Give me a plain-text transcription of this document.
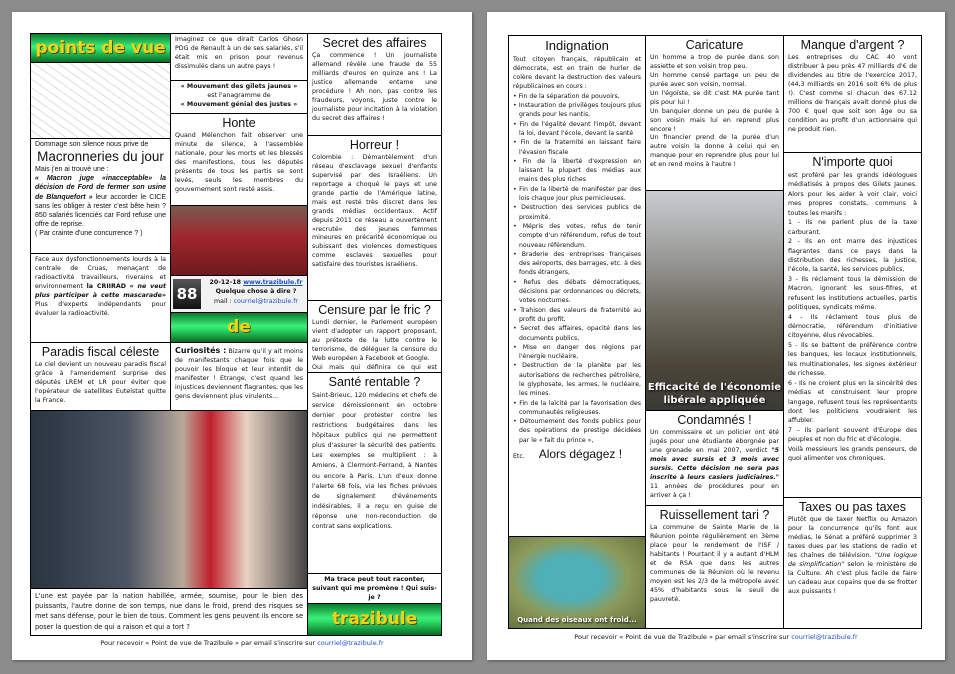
points de vue

Dommage son silence nous prive de

Macronneries du jour

Mais j'en ai trouvé une :

« Macron juge «inacceptable» la décision de Ford de fermer son usine de Blanquefort » leur accorder le CICE sans les obliger à rester c'est bête hein ? 850 salariés licenciés car Ford refuse une offre de reprise.

( Par crainte d'une concurrence ? )

Face aux dysfonctionnements lourds à la centrale de Cruas, menaçant de radioactivité travailleurs, riverains et environnement la CRIIRAD « ne veut plus participer à cette mascarade» Plus d'experts indépendants pour évaluer la radioactivité.

Paradis fiscal céleste

Le ciel devient un nouveau paradis fiscal grâce à l'amendement surprise des députés LREM et LR pour éviter que l'opérateur de satellites Eutelstat quitte la France.

L'une est payée par la nation habillée, armée, soumise, pour le bien des puissants, l'autre donne de son temps, nue dans le froid, prend des risques se met sans défense, pour le bien de tous. Comment les gens peuvent ils encore se poser la question de qui a raison et qui a tort ?

Imaginez ce que dirait Carlos Ghosn PDG de Renault à un de ses salariés, s'il était mis en prison pour revenus dissimulés dans un autre pays !

« Mouvement des gilets jaunes »

est l'anagramme de

« Mouvement génial des justes »

Honte

Quand Mélenchon fait observer une minute de silence, à l'assemblée nationale, pour les morts et les blessés des manifestions, tous les députés présents de tous les partis se sont levés, seuls les membres du gouvernement sont resté assis.

88

20-12-18 www.trazibule.fr

Quelque chose à dire ?

mail : courriel@trazibule.fr

de

Curiosités : Bizarre qu'il y ait moins de manifestants chaque fois que le pouvoir les bloque et leur interdit de manifester ! Etrange, c'est quand les injustices deviennent flagrantes, que les gens deviennent plus virulents...

Secret des affaires

Ça commence ! Un journaliste allemand révèle une fraude de 55 milliards d'euros en quinze ans ! La justice allemande entame une procédure ! Ah non, pas contre les fraudeurs, voyons, juste contre le journaliste pour incitation à la violation du secret des affaires !

Horreur !

Colombie : Démantèlement d'un réseau d'esclavage sexuel d'enfants supervisé par des Israéliens. Un reportage a choqué le pays et une grande partie de l'Amérique latine, mais est resté très discret dans les grands médias occidentaux. Actif depuis 2011 ce réseau a ouvertement «recruté» des jeunes femmes mineures en précarité économique ou subissant des violences domestiques comme esclaves sexuelles pour satisfaire des touristes israéliens.

Censure par le fric ?

Lundi dernier, le Parlement européen vient d'adopter un rapport proposant, au prétexte de la lutte contre le terrorisme, de déléguer la censure du Web européen à Facebook et Google.

Oui mais qui définira ce qui est

Santé rentable ?

Saint-Brieuc, 120 médecins et chefs de service démissionnent en octobre dernier pour protester contre les restrictions budgétaires dans les hôpitaux publics qui ne permettent plus d'assurer la sécurité des patients. Les exemples se multiplient : à Amiens, à Clermont-Ferrand, à Nantes ou encore à Paris. L'un d'eux donne l'alerte 68 fois, via les fiches prévues de signalement d'événements indésirables, il a reçu en guise de réponse une non-reconduction de contrat sans explications.

Ma trace peut tout raconter, suivant qui me promène ! Qui suis-je ?

trazibule
Pour recevoir « Point de vue de Trazibule » par email s'inscrire sur courriel@trazibule.fr
Indignation

Tout citoyen français, républicain et démocrate, est en train de hurler de colère devant la destruction des valeurs républicaines en cours :

• Fin de la séparation de pouvoirs,
• Instauration de privilèges toujours plus grands pour les nantis,
• Fin de l'égalité devant l'impôt, devant la loi, devant l'école, devant la santé
• Fin de la fraternité en laissant faire l'évasion fiscale
• Fin de la liberté d'expression en laissant la plupart des médias aux mains des plus riches
• Fin de la liberté de manifester par des lois chaque jour plus pernicieuses.
• Destruction des services publics de proximité.
• Mépris des votes, refus de tenir compte d'un référendum, refus de tout nouveau référendum.
• Braderie des entreprises françaises des aéroports, des barrages, etc. à des fonds étrangers,
• Refus des débats démocratiques, décisions par ordonnances ou décrets, votes nocturnes.
• Trahison des valeurs de fraternité au profit du profit,
• Secret des affaires, opacité dans les documents publics,
• Mise en danger des régions par l'énergie nucléaire,
• Destruction de la planète par les autorisations de recherches pétrolière, le glyphosate, les armes, le nucléaire, les mines.
• Fin de la laïcité par la favorisation des communautés religieuses.
• Détournement des fonds publics pour des opérations de prestige décidées par le « fait du prince »,

Etc. Alors dégagez !

Quand des oiseaux ont froid...
Caricature

Un homme a trop de purée dans son assiette et son voisin trop peu.

Un homme censé partage un peu de purée avec son voisin, normal.

Un l'égoïste, se dit c'est MA purée tant pis pour lui !

Un banquier donne un peu de purée à son voisin mais lui en reprend plus encore !

Un financier prend de la purée d'un autre voisin la donne à celui qui en manque pour en reprendre plus pour lui et en rend moins à l'autre !

Efficacité de l'économie libérale appliquée
Condamnés !

Un commissaire et un policier ont été jugés pour une étudiante éborgnée par une grenade en mai 2007, verdict "5 mois avec sursis et 3 mois avec sursis. Cette décision ne sera pas inscrite à leurs casiers judiciaires." 11 années de procédures pour en arriver à ça !

Ruissellement tari ?

La commune de Sainte Marie de la Réunion pointe régulièrement en 3ème place pour le rendement de l'ISF / habitants ! Pourtant il y a autant d'HLM et de RSA que dans les autres communes de la Réunion où le revenu moyen est les 2/3 de la métropole avec 45% d'habitants sous le seuil de pauvreté.

Manque d'argent ?

Les entreprises du CAC 40 vont distribuer à peu près 47 milliards d'€ de dividendes au titre de l'exercice 2017, (44,3 milliards en 2016 soit 6% de plus !). C'est comme si chacun des 67.12 millions de français avait donné plus de 700 € quel que soit son âge ou sa condition au profit d'un actionnaire qui ne produit rien.

N'importe quoi

est proféré par les grands idéologues médiatisés à propos des Gilets Jaunes. Alors pour les aider à voir clair, voici mes propres constats, communs à toutes les manifs :

1 - Ils ne parlent plus de la taxe carburant.

2 - Ils en ont marre des injustices flagrantes dans ce pays dans la distribution des richesses, la justice, l'école, la santé, les services publics,

3 - Ils réclament tous la démission de Macron, ignorant les sous-fifres, et refusent les institutions actuelles, partis politiques, syndicats même.

4 - Ils réclament tous plus de démocratie, référendum d'initiative citoyenne, élus révocables.

5 - Ils se battent de préférence contre les banques, les locaux institutionnels, les multinationales, les signes extérieur de richesse.

6 - Ils ne croient plus en la sincérité des médias et construisent leur propre langage, refusent tous les représentants dont les politiciens voudraient les affubler.

7 – Ils parlent souvent d'Europe des peuples et non du fric et d'écologie.

Voilà messieurs les grands penseurs, de quoi alimenter vos chroniques.

Taxes ou pas taxes

Plutôt que de taxer Netflix ou Amazon pour la concurrence qu'ils font aux médias, le Sénat a préféré supprimer 3 taxes dues par les stations de radio et les chaînes de télévision. "Une logique de simplification" selon le ministère de la Culture. Ah c'est plus facile de faire un cadeau aux copains que de se frotter aux puissants !

Pour recevoir « Point de vue de Trazibule » par email s'inscrire sur courriel@trazibule.fr
